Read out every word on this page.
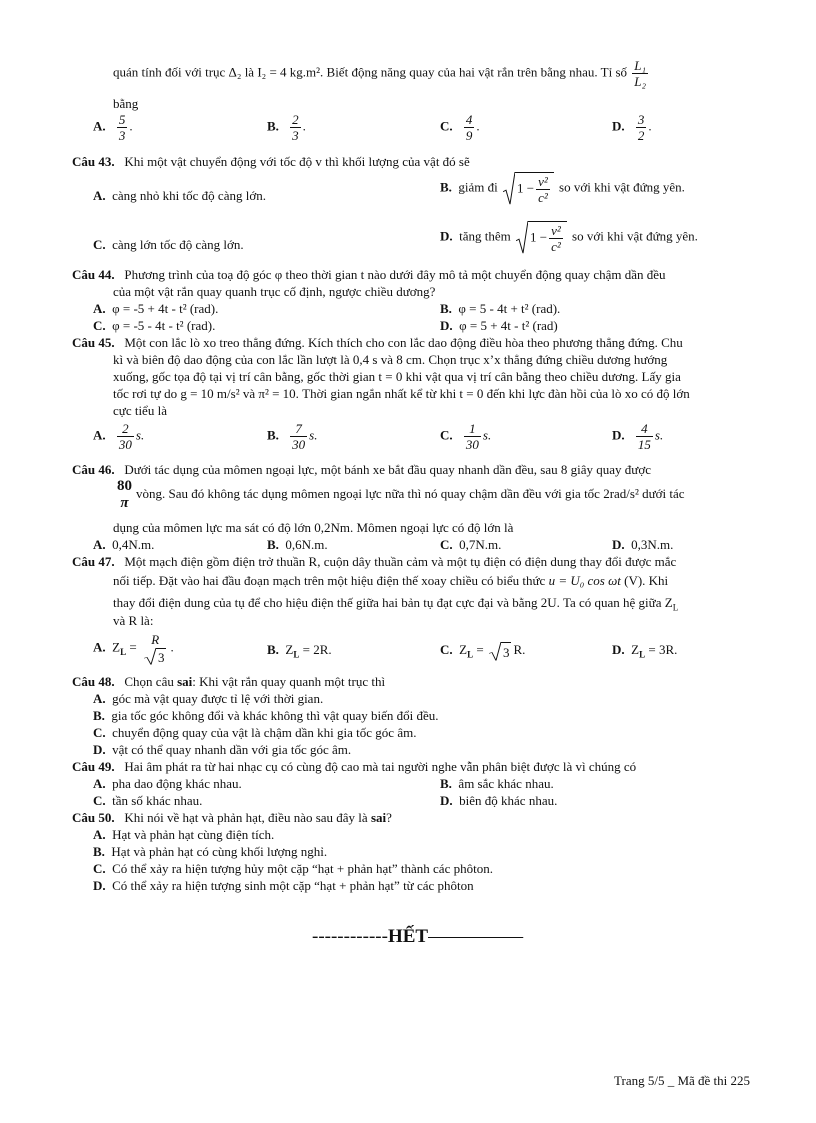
quán tính đối với trục Δ₂ là I₂ = 4 kg.m². Biết động năng quay của hai vật rắn trên bằng nhau. Tỉ số $\frac{\text{L₁}}{\text{L₂}}$
bằng
A. $\frac{5}{3}$ .	B. $\frac{2}{3}$ .	C. $\frac{4}{9}$ .	D. $\frac{3}{2}$ .
Câu 43. Khi một vật chuyển động với tốc độ v thì khối lượng của vật đó sẽ
A. càng nhỏ khi tốc độ càng lớn.
B. giảm đi $1 - \frac{\text{v²}}{\text{c²}}$ so với khi vật đứng yên.
C. càng lớn tốc độ càng lớn.
D. tăng thêm $1 - \frac{\text{v²}}{\text{c²}}$ so với khi vật đứng yên.
Câu 44. Phương trình của toạ độ góc φ theo thời gian t nào dưới đây mô tả một chuyển động quay chậm dần đều
của một vật rắn quay quanh trục cố định, ngược chiều dương?
A. φ = -5 + 4t - t² (rad).	B. φ = 5 - 4t + t² (rad).
C. φ = -5 - 4t - t² (rad).	D. φ = 5 + 4t - t² (rad)
Câu 45. Một con lắc lò xo treo thẳng đứng. Kích thích cho con lắc dao động điều hòa theo phương thẳng đứng. Chu
kì và biên độ dao động của con lắc lần lượt là 0,4 s và 8 cm. Chọn trục x’x thẳng đứng chiều dương hướng
xuống, gốc tọa độ tại vị trí cân bằng, gốc thời gian t = 0 khi vật qua vị trí cân bằng theo chiều dương. Lấy gia
tốc rơi tự do g = 10 m/s² và π² = 10. Thời gian ngắn nhất kể từ khi t = 0 đến khi lực đàn hồi của lò xo có độ lớn
cực tiểu là
A. $\frac{2}{30} s$.	B. $\frac{7}{30} s$.	C. $\frac{1}{30} s$.	D. $\frac{4}{15} s$.
Câu 46. Dưới tác dụng của mômen ngoại lực, một bánh xe bắt đầu quay nhanh dần đều, sau 8 giây quay được
80
π
vòng. Sau đó không tác dụng mômen ngoại lực nữa thì nó quay chậm dần đều với gia tốc 2rad/s² dưới tác
dụng của mômen lực ma sát có độ lớn 0,2Nm. Mômen ngoại lực có độ lớn là
A. 0,4N.m.	B. 0,6N.m.	C. 0,7N.m.	D. 0,3N.m.
Câu 47. Một mạch điện gồm điện trở thuần R, cuộn dây thuần cảm và một tụ điện có điện dung thay đổi được mắc
nối tiếp. Đặt vào hai đầu đoạn mạch trên một hiệu điện thế xoay chiều có biểu thức u = U₀ cos ωt (V). Khi
thay đổi điện dung của tụ để cho hiệu điện thế giữa hai bản tụ đạt cực đại và bằng 2U. Ta có quan hệ giữa $Z_L$
và R là:
A. $Z_L = R$
3
.	B. $Z_L = 2R$.	C. $Z_L$ =
3 R.	D. $Z_L = 3R$.
Câu 48. Chọn câu sai: Khi vật rắn quay quanh một trục thì
A. góc mà vật quay được tỉ lệ với thời gian.
B. gia tốc góc không đổi và khác không thì vật quay biến đổi đều.
C. chuyển động quay của vật là chậm dần khi gia tốc góc âm.
D. vật có thể quay nhanh dần với gia tốc góc âm.
Câu 49. Hai âm phát ra từ hai nhạc cụ có cùng độ cao mà tai người nghe vẫn phân biệt được là vì chúng có
A. pha dao động khác nhau.	B. âm sắc khác nhau.
C. tần số khác nhau.	D. biên độ khác nhau.
Câu 50. Khi nói về hạt và phản hạt, điều nào sau đây là sai?
A. Hạt và phản hạt cùng điện tích.
B. Hạt và phản hạt có cùng khối lượng nghỉ.
C. Có thể xảy ra hiện tượng hủy một cặp “hạt + phản hạt” thành các phôton.
D. Có thể xảy ra hiện tượng sinh một cặp “hạt + phản hạt” từ các phôton
------------HẾT―――――
Trang 5/5 _ Mã đề thi 225
